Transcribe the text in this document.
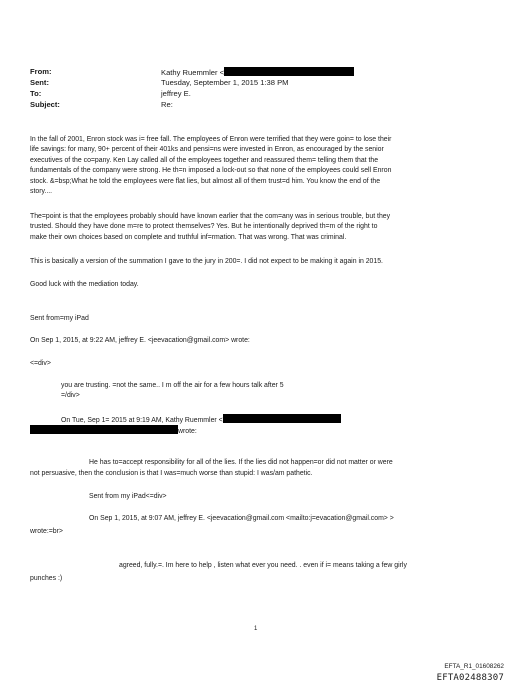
From:	Kathy Ruemmler <
Sent:	Tuesday, September 1, 2015 1:38 PM
To:	jeffrey E.
Subject:	Re:
In the fall of 2001, Enron stock was i= free fall. The employees of Enron were terrified that they were goin= to lose their
life savings: for many, 90+ percent of their 401ks and pensi=ns were invested in Enron, as encouraged by the senior
executives of the co=pany. Ken Lay called all of the employees together and reassured them= telling them that the
fundamentals of the company were strong. He th=n imposed a lock-out so that none of the employees could sell Enron
stock. &=bsp;What he told the employees were flat lies, but almost all of them trust=d him. You know the end of the
story....
The=point is that the employees probably should have known earlier that the com=any was in serious trouble, but they
trusted. Should they have done m=re to protect themselves? Yes. But he intentionally deprived th=m of the right to
make their own choices based on complete and truthful inf=rmation. That was wrong. That was criminal.
This is basically a version of the summation I gave to the jury in 200=. I did not expect to be making it again in 2015.
Good luck with the mediation today.
Sent from=my iPad
On Sep 1, 2015, at 9:22 AM, jeffrey E. <jeevacation@gmail.com> wrote:
<=div>
you are trusting. =not the same.. I m off the air for a few hours talk after 5
=/div>
On Tue, Sep 1= 2015 at 9:19 AM, Kathy Ruemmler <
wrote:
He has to=accept responsibility for all of the lies. If the lies did not happen=or did not matter or were
not persuasive, then the conclusion is that I was=much worse than stupid: I was/am pathetic.
Sent from my iPad<=div>
On Sep 1, 2015, at 9:07 AM, jeffrey E. <jeevacation@gmail.com <mailto:j=evacation@gmail.com> >
wrote:=br>
agreed, fully.=. Im here to help , listen what ever you need. . even if i= means taking a few girly
punches :)
1
EFTA_R1_01608262
EFTA02488307
